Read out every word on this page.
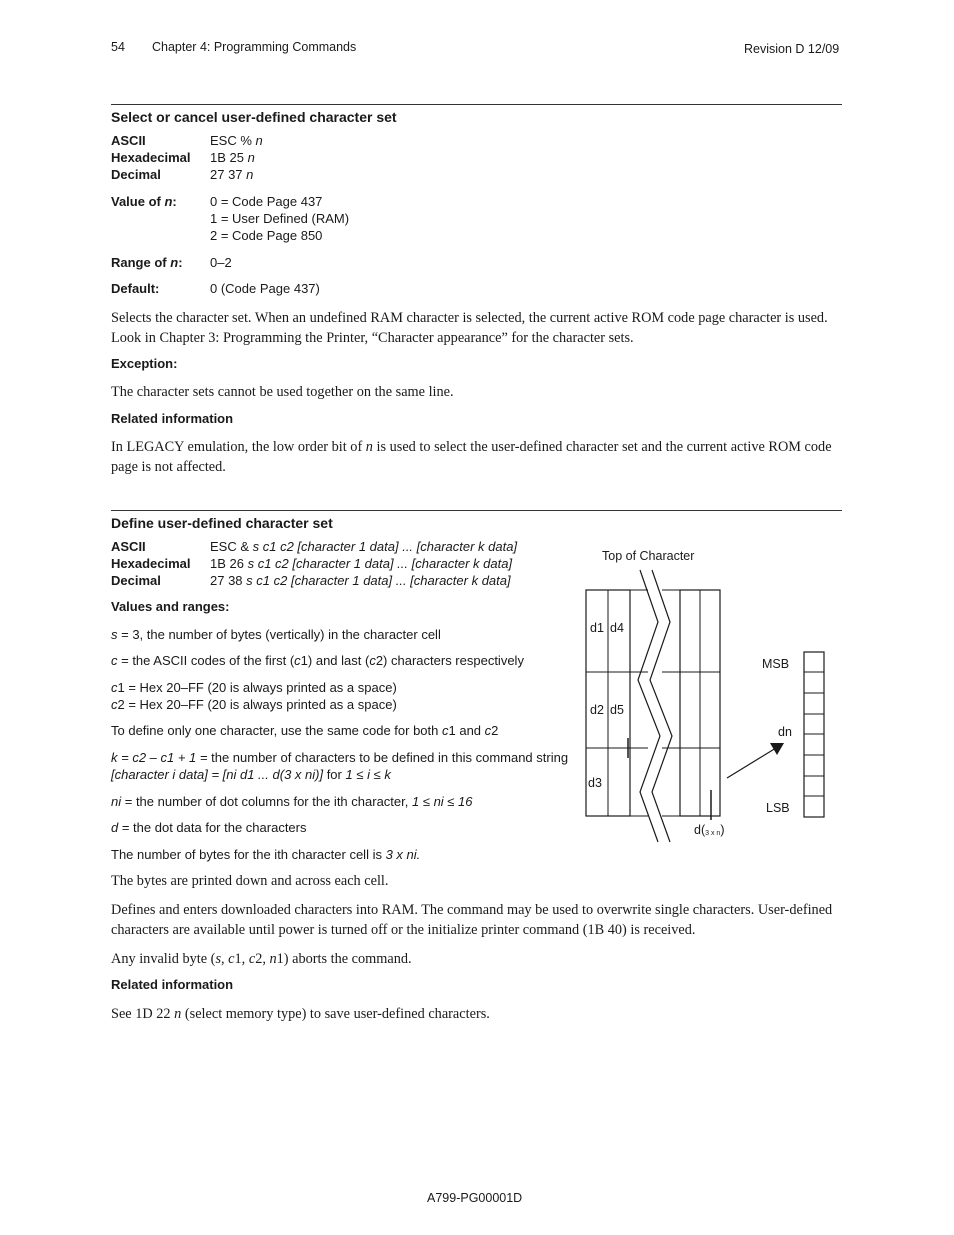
54 Chapter 4: Programming Commands	Revision D 12/09
Select or cancel user-defined character set
ASCII	ESC % n
Hexadecimal 1B 25 n
Decimal	27 37 n
Value of n:	0 = Code Page 437
1 = User Defined (RAM)
2 = Code Page 850
Range of n: 0–2
Default:	0 (Code Page 437)
Selects the character set. When an undefined RAM character is selected, the current active ROM code page character is used. Look in Chapter 3: Programming the Printer, “Character appearance” for the character sets.
Exception:
The character sets cannot be used together on the same line.
Related information
In LEGACY emulation, the low order bit of n is used to select the user-defined character set and the current active ROM code page is not affected.
Define user-defined character set
ASCII	ESC & s c1 c2 [character 1 data] ... [character k data]
Hexadecimal 1B 26 s c1 c2 [character 1 data] ... [character k data]
Decimal	27 38 s c1 c2 [character 1 data] ... [character k data]
Values and ranges:
s = 3, the number of bytes (vertically) in the character cell
c = the ASCII codes of the first (c1) and last (c2) characters respectively
c1 = Hex 20–FF (20 is always printed as a space)
c2 = Hex 20–FF (20 is always printed as a space)
To define only one character, use the same code for both c1 and c2
k = c2 – c1 + 1 = the number of characters to be defined in this command string
[character i data] = [ni d1 ... d(3 x ni)] for 1 ≤ i ≤ k
ni = the number of dot columns for the ith character, 1 ≤ ni ≤ 16
d = the dot data for the characters
The number of bytes for the ith character cell is 3 x ni.
The bytes are printed down and across each cell.
Defines and enters downloaded characters into RAM. The command may be used to overwrite single characters. User-defined characters are available until power is turned off or the initialize printer command (1B 40) is received.
Any invalid byte (s, c1, c2, n1) aborts the command.
Related information
See 1D 22 n (select memory type) to save user-defined characters.
Top of Character
d1 d4
d2 d5
d3
d(3 x n)
dn
MSB
LSB
A799-PG00001D
